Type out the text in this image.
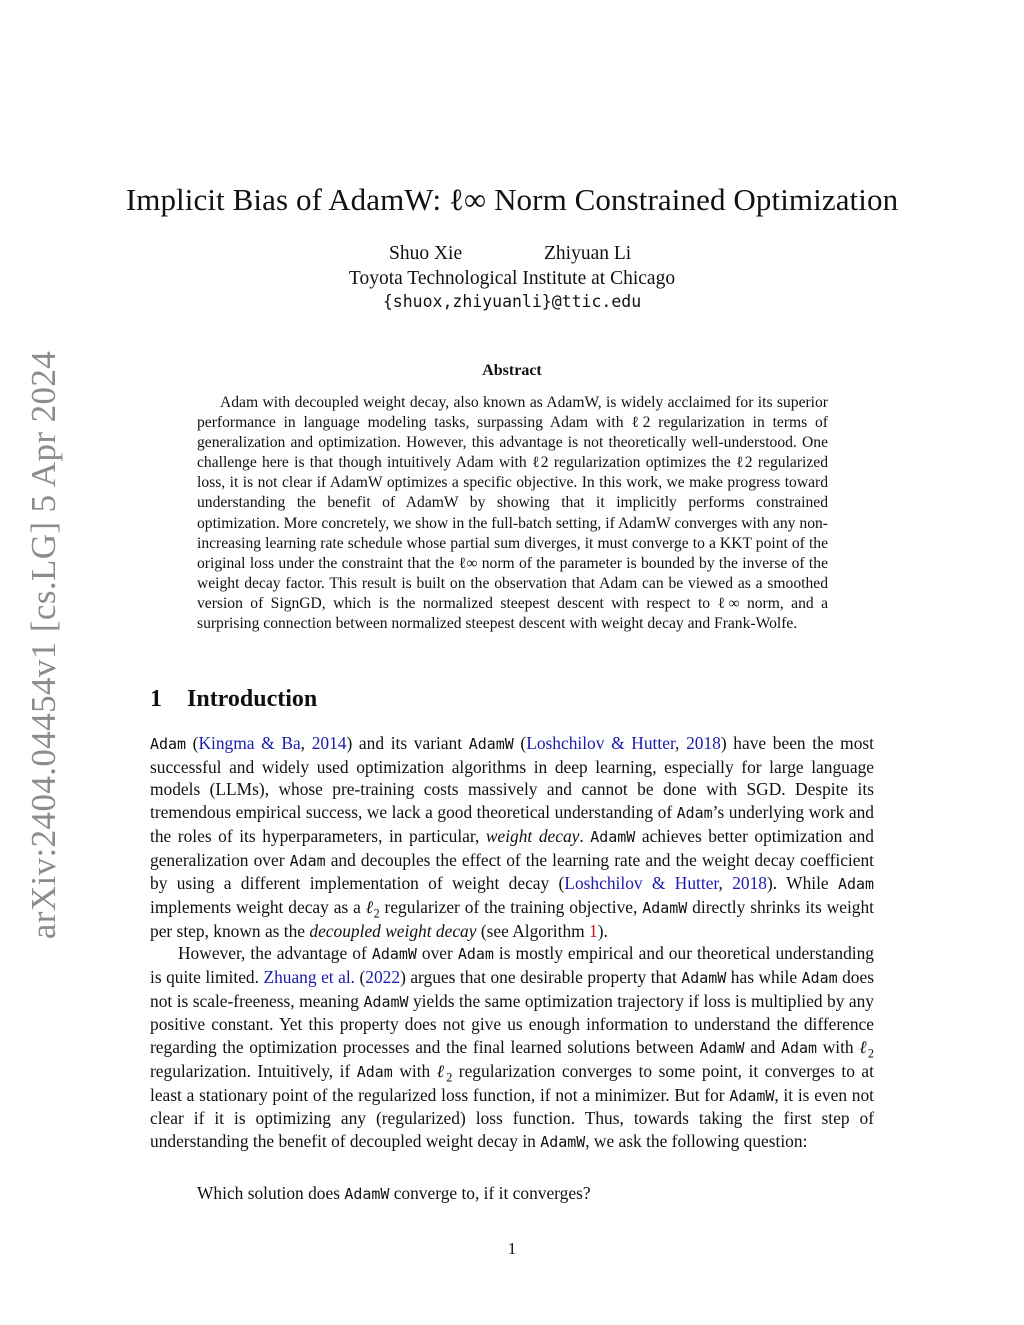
arXiv:2404.04454v1 [cs.LG] 5 Apr 2024
Implicit Bias of AdamW: ℓ∞ Norm Constrained Optimization
Shuo Xie	Zhiyuan Li
Toyota Technological Institute at Chicago
{shuox,zhiyuanli}@ttic.edu
Abstract

Adam with decoupled weight decay, also known as AdamW, is widely acclaimed for its superior performance in language modeling tasks, surpassing Adam with ℓ2 regularization in terms of generalization and optimization. However, this advantage is not theoretically well-understood. One challenge here is that though intuitively Adam with ℓ2 regularization optimizes the ℓ2 regularized loss, it is not clear if AdamW optimizes a specific objective. In this work, we make progress toward understanding the benefit of AdamW by showing that it implicitly performs constrained optimization. More concretely, we show in the full-batch setting, if AdamW converges with any non-increasing learning rate schedule whose partial sum diverges, it must converge to a KKT point of the original loss under the constraint that the ℓ∞ norm of the parameter is bounded by the inverse of the weight decay factor. This result is built on the observation that Adam can be viewed as a smoothed version of SignGD, which is the normalized steepest descent with respect to ℓ∞ norm, and a surprising connection between normalized steepest descent with weight decay and Frank-Wolfe.

1 Introduction

Adam (Kingma & Ba, 2014) and its variant AdamW (Loshchilov & Hutter, 2018) have been the most successful and widely used optimization algorithms in deep learning, especially for large language models (LLMs), whose pre-training costs massively and cannot be done with SGD. Despite its tremendous empirical success, we lack a good theoretical understanding of Adam’s underlying work and the roles of its hyperparameters, in particular, weight decay. AdamW achieves better optimization and generalization over Adam and decouples the effect of the learning rate and the weight decay coefficient by using a different implementation of weight decay (Loshchilov & Hutter, 2018). While Adam implements weight decay as a ℓ$_2$ regularizer of the training objective, AdamW directly shrinks its weight per step, known as the decoupled weight decay (see Algorithm 1).

However, the advantage of AdamW over Adam is mostly empirical and our theoretical understanding is quite limited. Zhuang et al. (2022) argues that one desirable property that AdamW has while Adam does not is scale-freeness, meaning AdamW yields the same optimization trajectory if loss is multiplied by any positive constant. Yet this property does not give us enough information to understand the difference regarding the optimization processes and the final learned solutions between AdamW and Adam with ℓ$_2$ regularization. Intuitively, if Adam with ℓ$_2$ regularization converges to some point, it converges to at least a stationary point of the regularized loss function, if not a minimizer. But for AdamW, it is even not clear if it is optimizing any (regularized) loss function. Thus, towards taking the first step of understanding the benefit of decoupled weight decay in AdamW, we ask the following question:

Which solution does AdamW converge to, if it converges?
1
